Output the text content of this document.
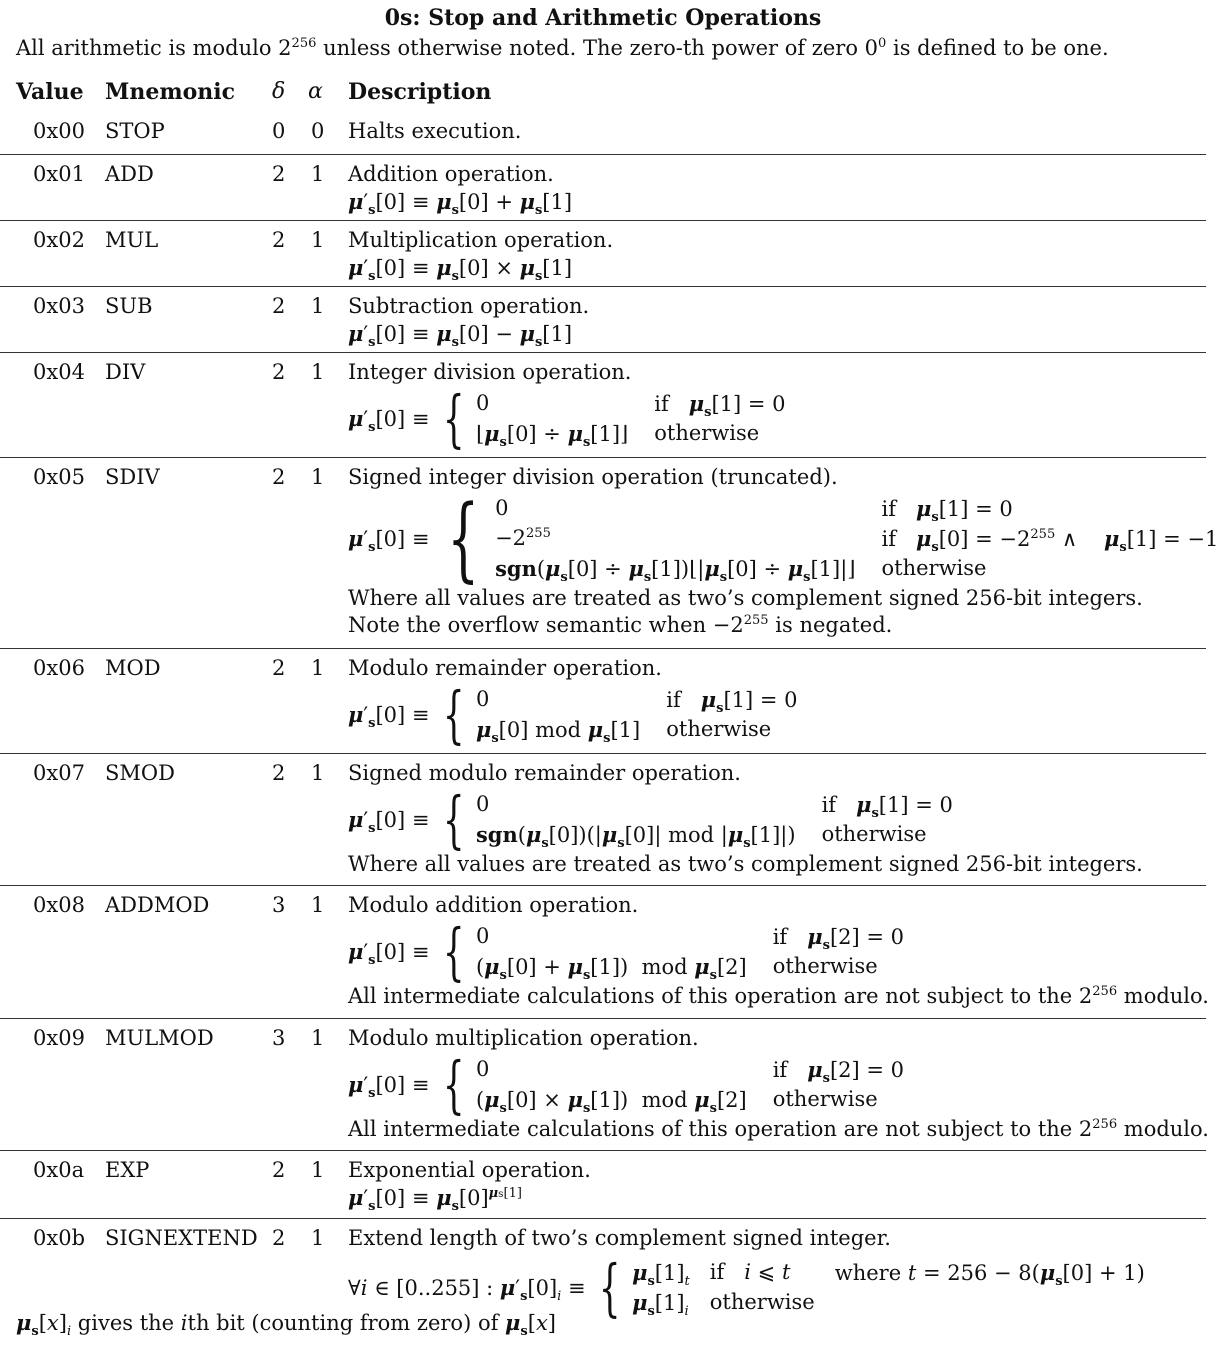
0s: Stop and Arithmetic Operations
All arithmetic is modulo $2^{256}$ unless otherwise noted. The zero-th power of zero $0^0$ is defined to be one.
Value Mnemonic δ α Description
0x00 STOP	0 0 Halts execution.
0x01 ADD	2 1 Addition operation.
$\mu'_s[0] \equiv \mu_s[0] + \mu_s[1]$
0x02 MUL	2 1 Multiplication operation.
$\mu'_s[0] \equiv \mu_s[0] \times \mu_s[1]$
0x03 SUB	2 1 Subtraction operation.
$\mu'_s[0] \equiv \mu_s[0] - \mu_s[1]$
0x04 DIV	2 1 Integer division operation.
$\mu'_s[0]$ ≡ { 0	if $\mu_s[1] = 0$
$⌊\mu_s[0]$ ÷ $\mu_s[1]⌋$ otherwise
0x05 SDIV	2 1 Signed integer division operation (truncated).
$\mu'_s[0]$ ≡ { 0	if $\mu_s[1] = 0$
$-2^{255}$	if $\mu_s[0] = -2^{255}$ ∧    $\mu_s[1] = -1$
$sgn(\mu_s[0]$ ÷ $\mu_s[1])⌊|\mu_s[0]$ ÷ $\mu_s[1]|⌋$ otherwise
Where all values are treated as two’s complement signed 256-bit integers.
Note the overflow semantic when $-2^{255}$ is negated.
0x06 MOD	2 1 Modulo remainder operation.
$\mu'_s[0]$ ≡ { 0	if $\mu_s[1] = 0$
$\mu_s[0]$ mod $\mu_s[1]$ otherwise
0x07 SMOD	2 1 Signed modulo remainder operation.
$\mu'_s[0]$ ≡ { 0	if $\mu_s[1] = 0$
$sgn(\mu_s[0])(|\mu_s[0]|$ mod $|\mu_s[1]|$) otherwise
Where all values are treated as two’s complement signed 256-bit integers.
0x08 ADDMOD	3 1 Modulo addition operation.
$\mu'_s[0]$ ≡ { 0	if $\mu_s[2] = 0$
$(\mu_s[0] + \mu_s[1])$  mod $\mu_s[2]$ otherwise
All intermediate calculations of this operation are not subject to the $2^{256}$ modulo.
0x09 MULMOD	3 1 Modulo multiplication operation.
$\mu'_s[0]$ ≡ { 0	if $\mu_s[2] = 0$
$(\mu_s[0] \times \mu_s[1])$  mod $\mu_s[2]$ otherwise
All intermediate calculations of this operation are not subject to the $2^{256}$ modulo.
0x0a EXP	2 1 Exponential operation.
$\mu'_s[0] \equiv \mu_s[0]^{\mu s[1]}$
0x0b SIGNEXTEND 2 1 Extend length of two’s complement signed integer.
∀i ∈ [0..255] : $\mu'_s[0]_i$ ≡ { $\mu_s[1]_t$ if i ⩽ t	where $t = 256 - 8(\mu_s[0] + 1)$
$\mu_s[1]_i$ otherwise
$\mu_s[x]_i$ gives the ith bit (counting from zero) of $\mu_s[x]$
